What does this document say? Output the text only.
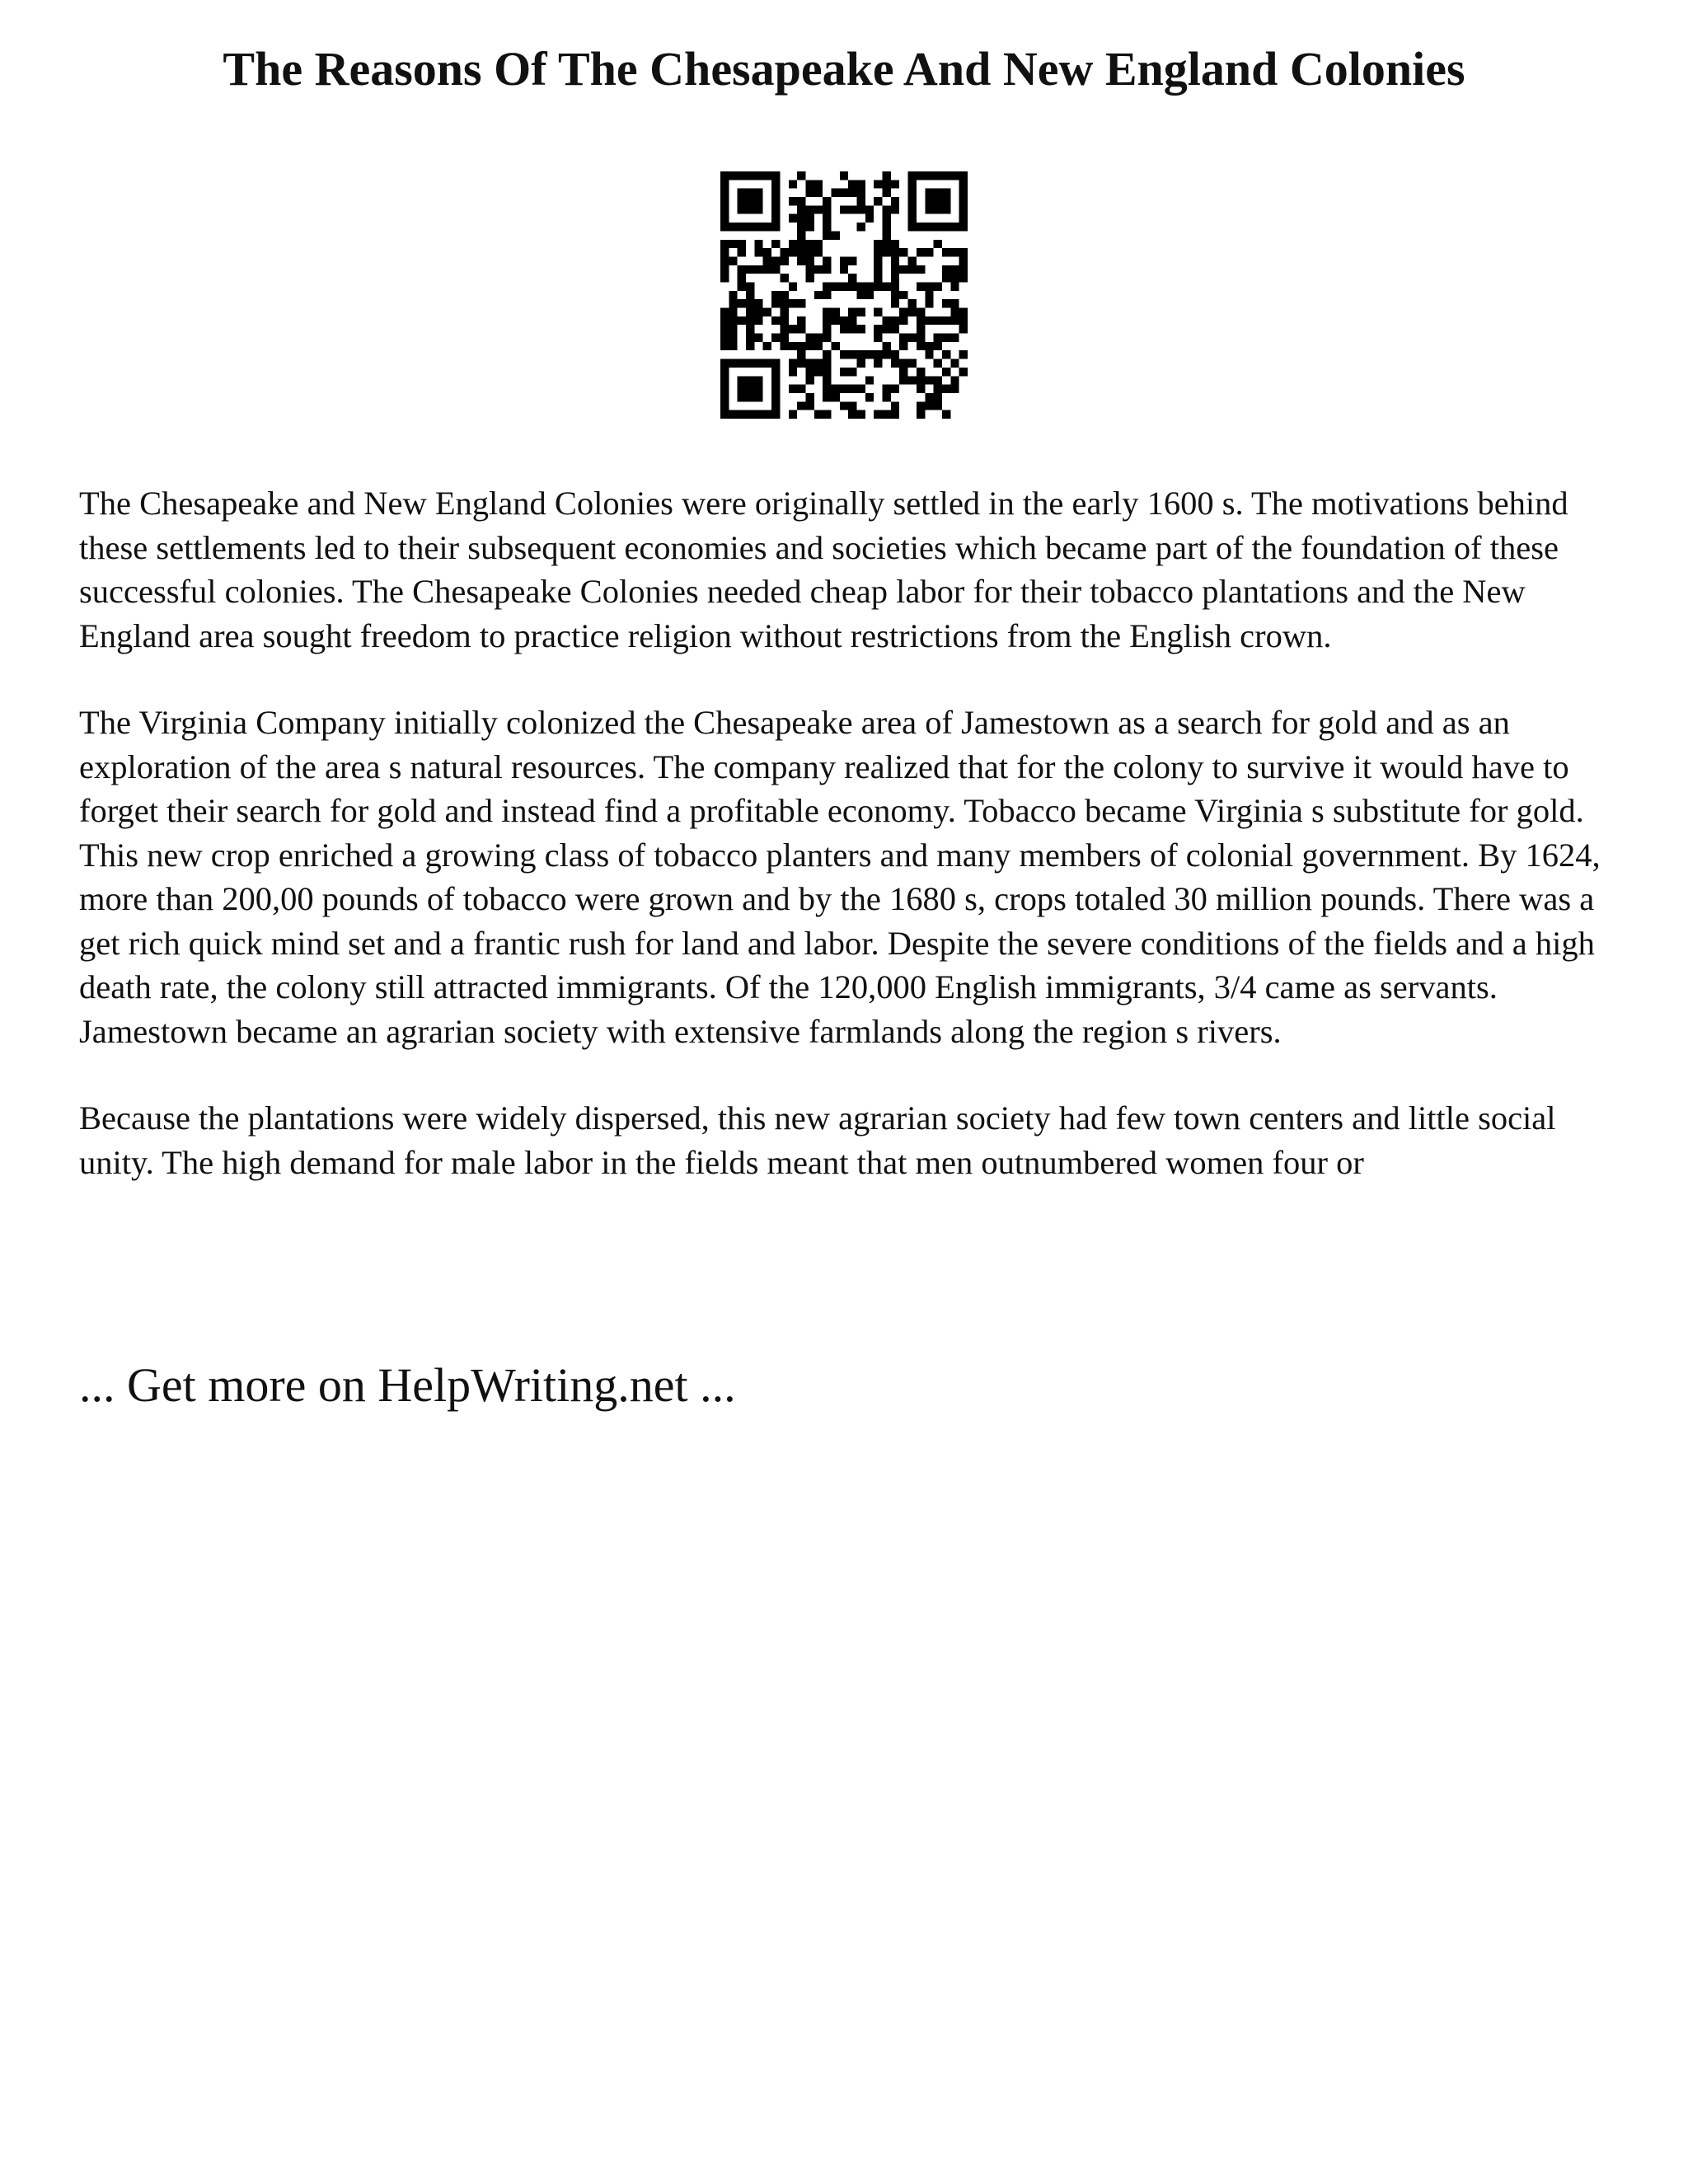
The Reasons Of The Chesapeake And New England Colonies

The Chesapeake and New England Colonies were originally settled in the early 1600 s. The motivations behind these settlements led to their subsequent economies and societies which became part of the foundation of these successful colonies. The Chesapeake Colonies needed cheap labor for their tobacco plantations and the New England area sought freedom to practice religion without restrictions from the English crown.

The Virginia Company initially colonized the Chesapeake area of Jamestown as a search for gold and as an exploration of the area s natural resources. The company realized that for the colony to survive it would have to forget their search for gold and instead find a profitable economy. Tobacco became Virginia s substitute for gold. This new crop enriched a growing class of tobacco planters and many members of colonial government. By 1624, more than 200,00 pounds of tobacco were grown and by the 1680 s, crops totaled 30 million pounds. There was a get rich quick mind set and a frantic rush for land and labor. Despite the severe conditions of the fields and a high death rate, the colony still attracted immigrants. Of the 120,000 English immigrants, 3/4 came as servants. Jamestown became an agrarian society with extensive farmlands along the region s rivers.

Because the plantations were widely dispersed, this new agrarian society had few town centers and little social unity. The high demand for male labor in the fields meant that men outnumbered women four or

... Get more on HelpWriting.net ...
